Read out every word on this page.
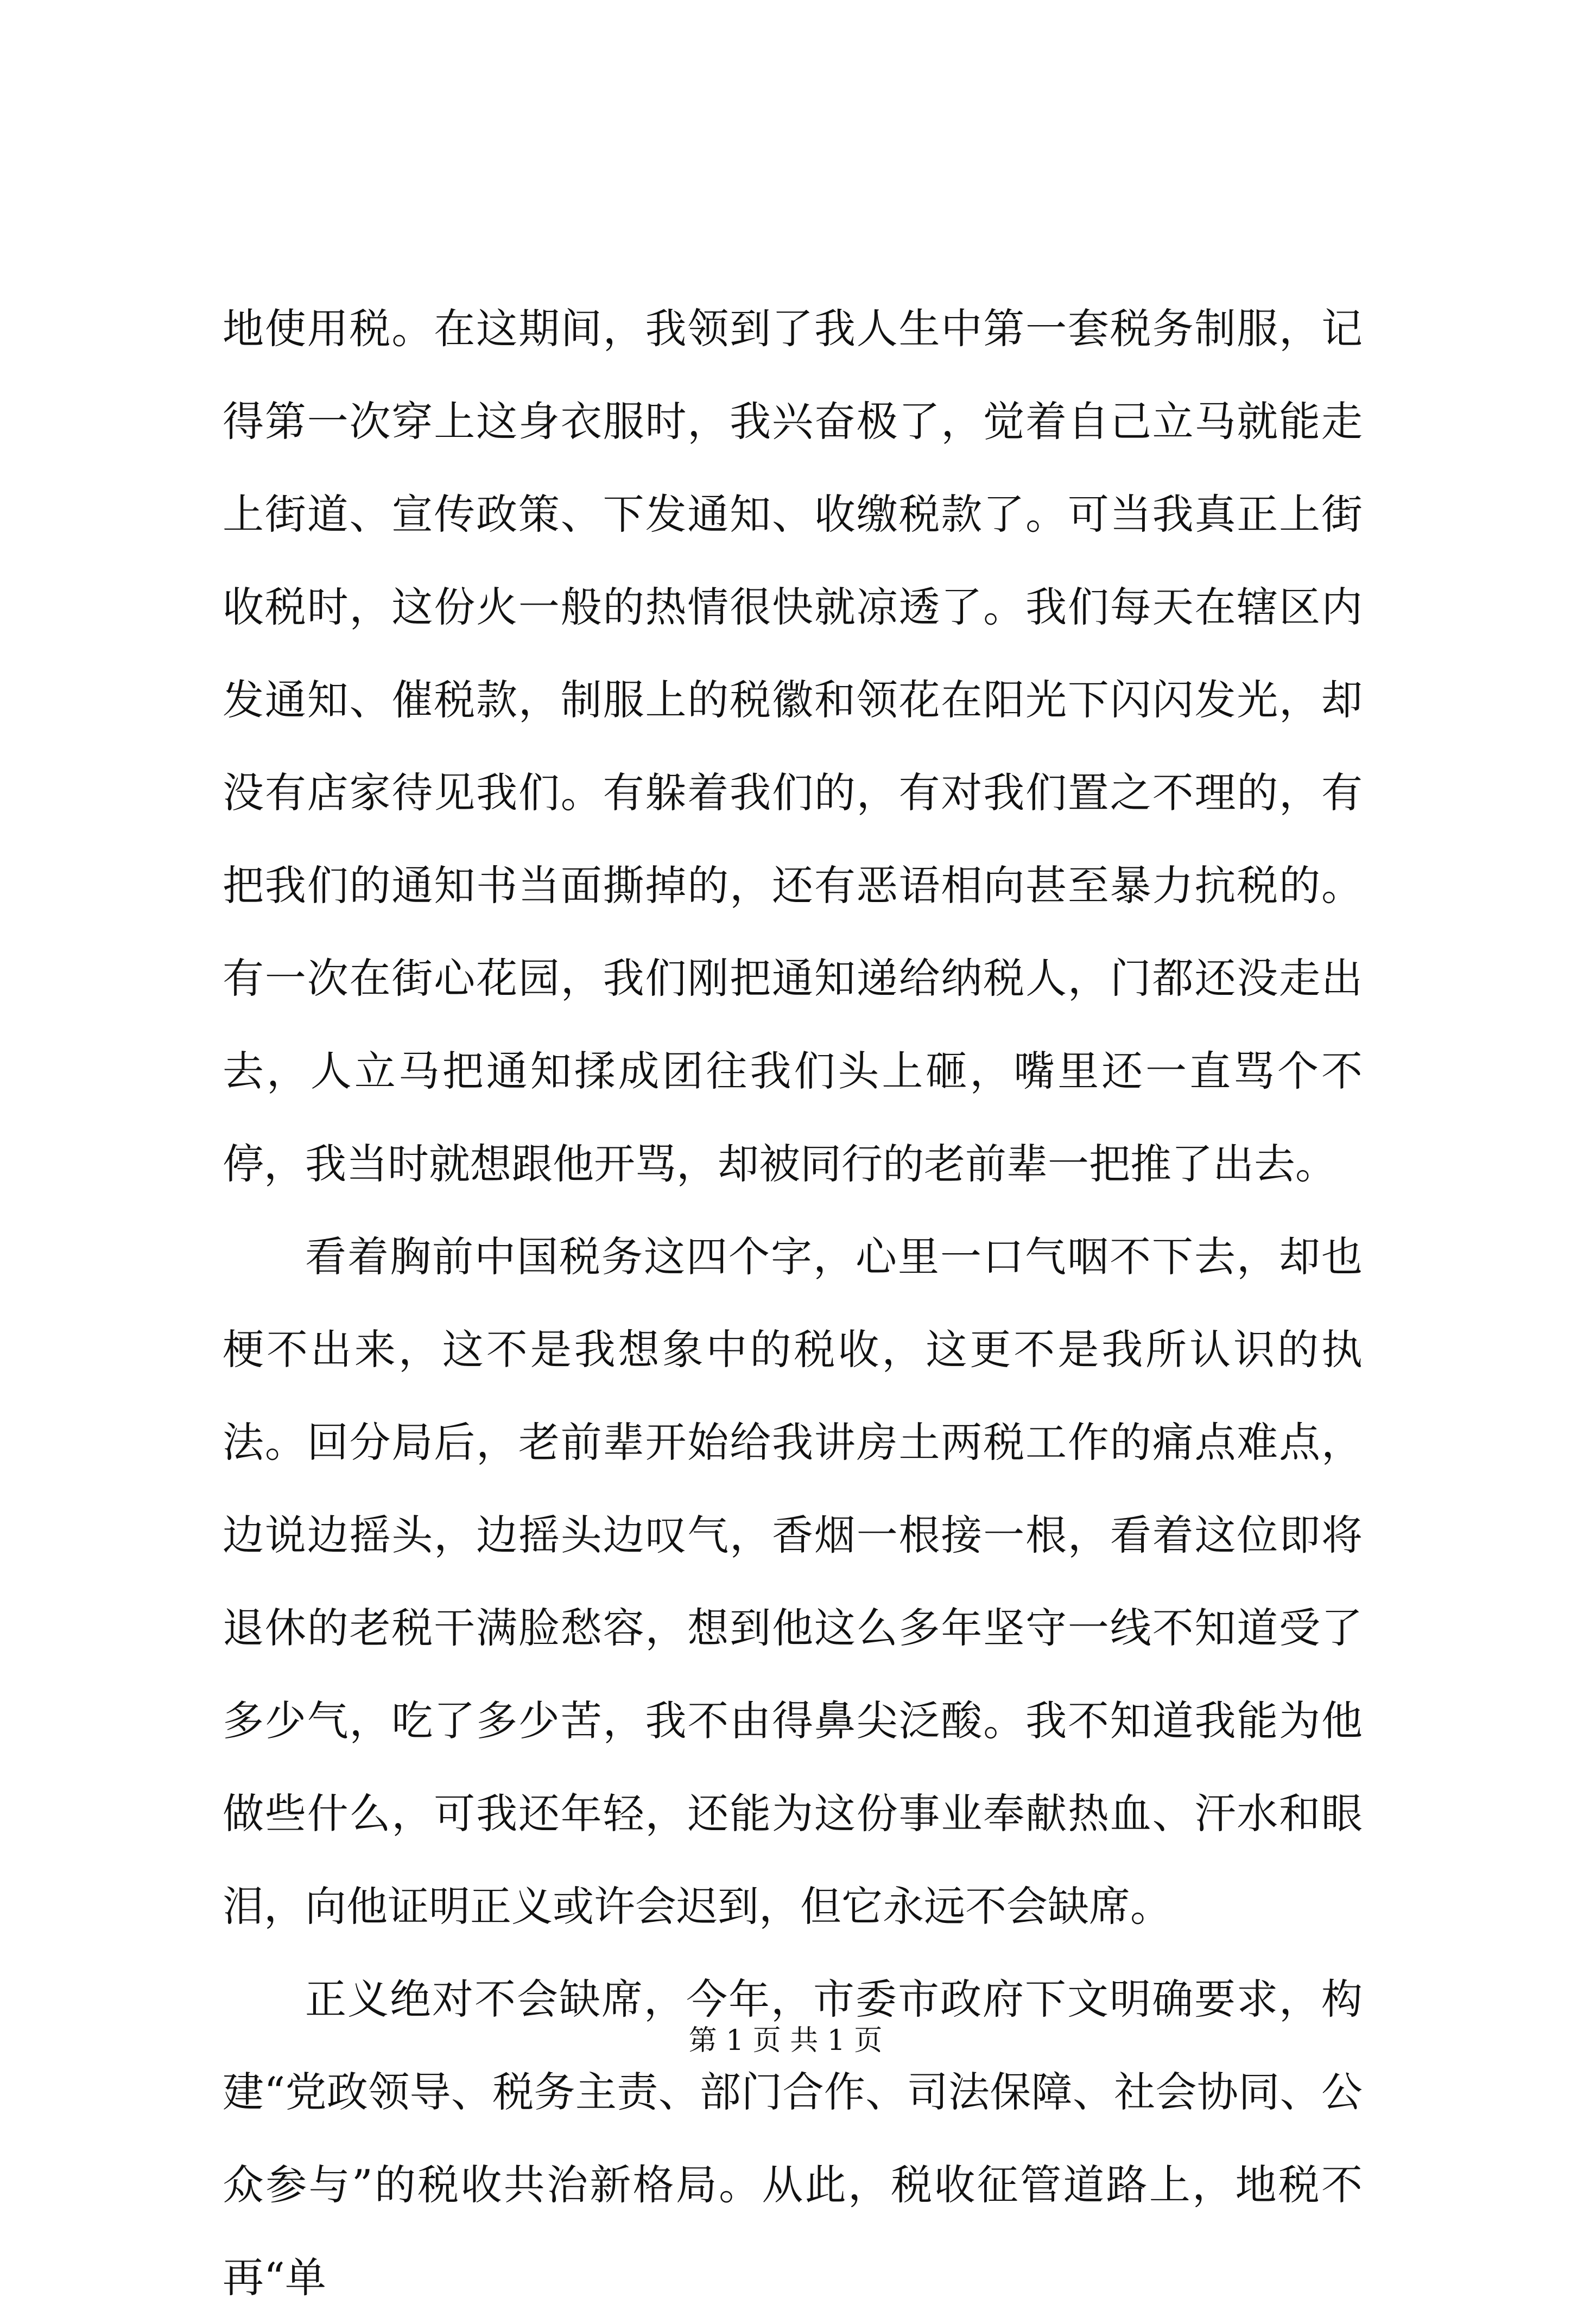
地使用税。在这期间，我领到了我人生中第一套税务制服，记得第一次穿上这身衣服时，我兴奋极了，觉着自己立马就能走上街道、宣传政策、下发通知、收缴税款了。可当我真正上街收税时，这份火一般的热情很快就凉透了。我们每天在辖区内发通知、催税款，制服上的税徽和领花在阳光下闪闪发光，却没有店家待见我们。有躲着我们的，有对我们置之不理的，有把我们的通知书当面撕掉的，还有恶语相向甚至暴力抗税的。有一次在街心花园，我们刚把通知递给纳税人，门都还没走出去，人立马把通知揉成团往我们头上砸，嘴里还一直骂个不停，我当时就想跟他开骂，却被同行的老前辈一把推了出去。

看着胸前中国税务这四个字，心里一口气咽不下去，却也梗不出来，这不是我想象中的税收，这更不是我所认识的执法。回分局后，老前辈开始给我讲房土两税工作的痛点难点，边说边摇头，边摇头边叹气，香烟一根接一根，看着这位即将退休的老税干满脸愁容，想到他这么多年坚守一线不知道受了多少气，吃了多少苦，我不由得鼻尖泛酸。我不知道我能为他做些什么，可我还年轻，还能为这份事业奉献热血、汗水和眼泪，向他证明正义或许会迟到，但它永远不会缺席。

正义绝对不会缺席，今年，市委市政府下文明确要求，构建“党政领导、税务主责、部门合作、司法保障、社会协同、公众参与”的税收共治新格局。从此，税收征管道路上，地税不再“单

第 1 页 共 1 页
